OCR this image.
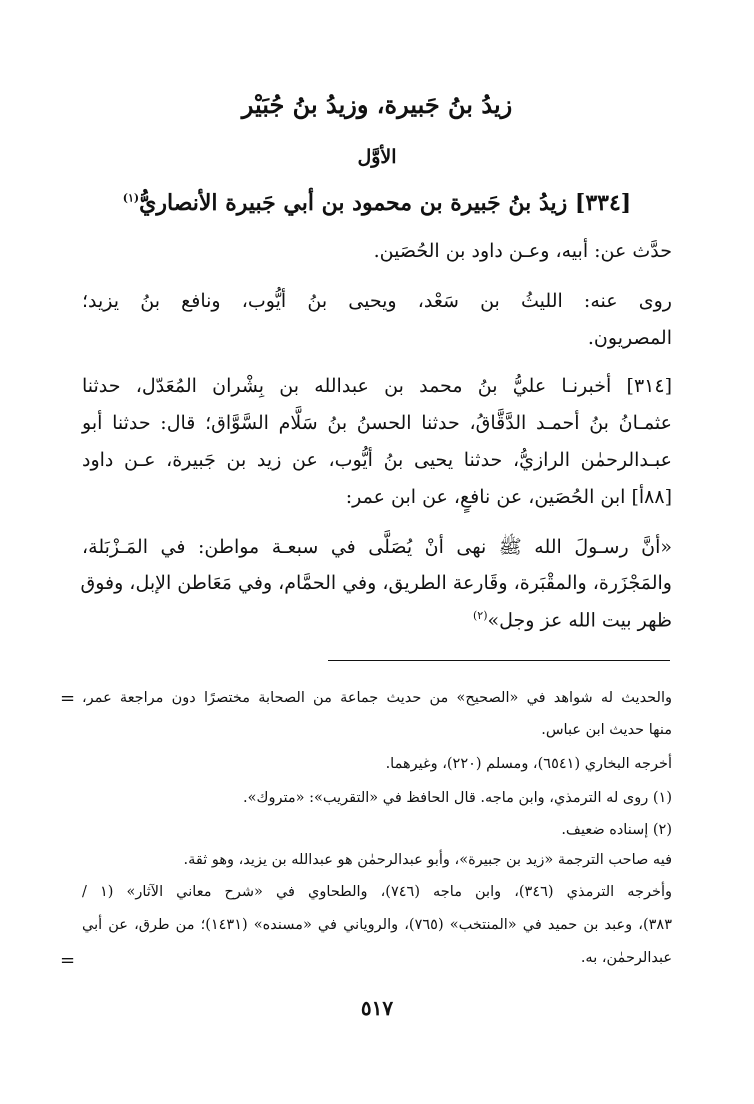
زيدُ بنُ جَبيرة، وزيدُ بنُ جُبَيْر
الأوَّل
[٣٣٤] زيدُ بنُ جَبيرة بن محمود بن أبي جَبيرة الأنصاريُّ$^{(١)}$
حدَّث عن: أبيه، وعـن داود بن الحُصَين.
روى عنه: الليثُ بن سَعْد، ويحيى بنُ أيُّوب، ونافع بنُ يزيد؛
المصريون.
[٣١٤] أخبرنـا عليُّ بنُ محمد بن عبدالله بن بِشْران المُعَدّل، حدثنا
عثمـانُ بنُ أحمـد الدَّقَّاقُ، حدثنا الحسنُ بنُ سَلَّام السَّوَّاق؛ قال: حدثنا أبو
عبـدالرحمٰن الرازيُّ، حدثنا يحيى بنُ أيُّوب، عن زيد بن جَبيرة، عـن داود
[٨٨أ] ابن الحُصَين، عن نافعٍ، عن ابن عمر:
«أنَّ رسـولَ الله ﷺ نهى أنْ يُصَلَّى في سبعـة مواطن: في المَـزْبَلة،
والمَجْزَرة، والمقْبَرة، وقَارعة الطريق، وفي الحمَّام، وفي مَعَاطن الإبل، وفوق
ظهر بيت الله عز وجل»$^{(٢)}$
= والحديث له شواهد في «الصحيح» من حديث جماعة من الصحابة مختصرًا دون مراجعة عمر،
منها حديث ابن عباس.
أخرجه البخاري (٦٥٤١)، ومسلم (٢٢٠)، وغيرهما.
(١) روى له الترمذي، وابن ماجه. قال الحافظ في «التقريب»: «متروك».
(٢) إسناده ضعيف.
فيه صاحب الترجمة «زيد بن جبيرة»، وأبو عبدالرحمٰن هو عبدالله بن يزيد، وهو ثقة.
وأخرجه الترمذي (٣٤٦)، وابن ماجه (٧٤٦)، والطحاوي في «شرح معاني الآثار» (١ /
٣٨٣)، وعبد بن حميد في «المنتخب» (٧٦٥)، والروياني في «مسنده» (١٤٣١)؛ من طرق، عن أبي
عبدالرحمٰن، به.
=
٥١٧
